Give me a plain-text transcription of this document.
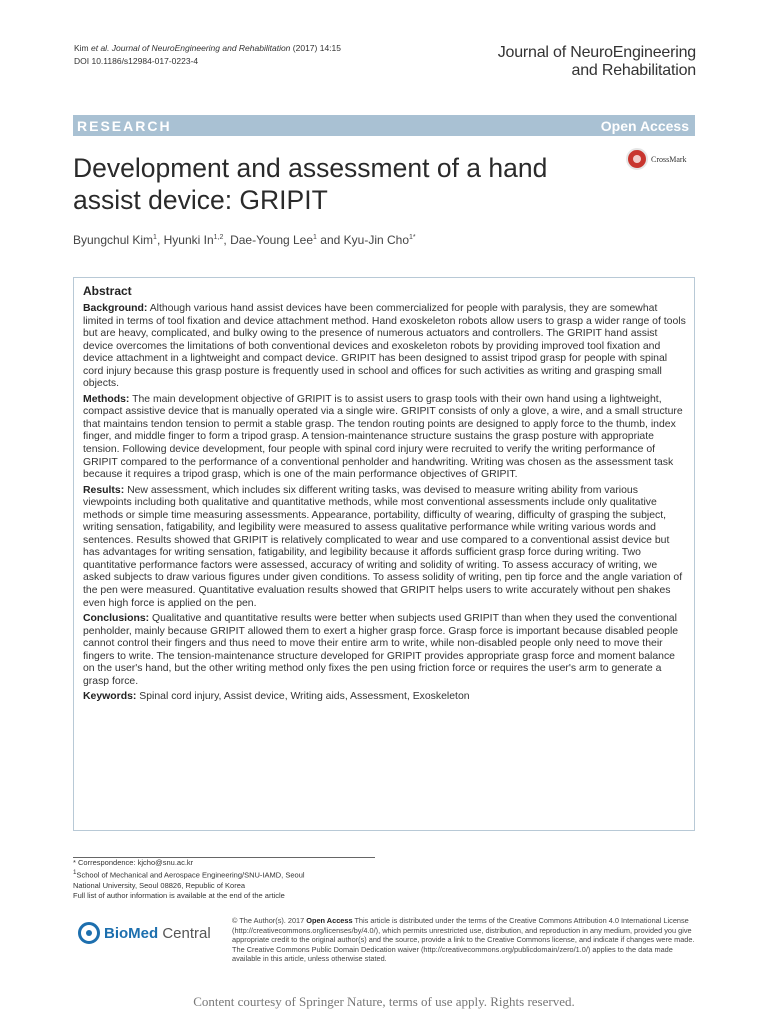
Kim et al. Journal of NeuroEngineering and Rehabilitation (2017) 14:15
DOI 10.1186/s12984-017-0223-4	Journal of NeuroEngineering
and Rehabilitation
RESEARCH	Open Access
Development and assessment of a hand assist device: GRIPIT
CrossMark
Byungchul Kim$^1$, Hyunki In$^{1,2}$, Dae-Young Lee$^1$ and Kyu-Jin Cho$^{1*}$

Abstract

Background: Although various hand assist devices have been commercialized for people with paralysis, they are somewhat limited in terms of tool fixation and device attachment method. Hand exoskeleton robots allow users to grasp a wider range of tools but are heavy, complicated, and bulky owing to the presence of numerous actuators and controllers. The GRIPIT hand assist device overcomes the limitations of both conventional devices and exoskeleton robots by providing improved tool fixation and device attachment in a lightweight and compact device. GRIPIT has been designed to assist tripod grasp for people with spinal cord injury because this grasp posture is frequently used in school and offices for such activities as writing and grasping small objects.

Methods: The main development objective of GRIPIT is to assist users to grasp tools with their own hand using a lightweight, compact assistive device that is manually operated via a single wire. GRIPIT consists of only a glove, a wire, and a small structure that maintains tendon tension to permit a stable grasp. The tendon routing points are designed to apply force to the thumb, index finger, and middle finger to form a tripod grasp. A tension-maintenance structure sustains the grasp posture with appropriate tension. Following device development, four people with spinal cord injury were recruited to verify the writing performance of GRIPIT compared to the performance of a conventional penholder and handwriting. Writing was chosen as the assessment task because it requires a tripod grasp, which is one of the main performance objectives of GRIPIT.

Results: New assessment, which includes six different writing tasks, was devised to measure writing ability from various viewpoints including both qualitative and quantitative methods, while most conventional assessments include only qualitative methods or simple time measuring assessments. Appearance, portability, difficulty of wearing, difficulty of grasping the subject, writing sensation, fatigability, and legibility were measured to assess qualitative performance while writing various words and sentences. Results showed that GRIPIT is relatively complicated to wear and use compared to a conventional assist device but has advantages for writing sensation, fatigability, and legibility because it affords sufficient grasp force during writing. Two quantitative performance factors were assessed, accuracy of writing and solidity of writing. To assess accuracy of writing, we asked subjects to draw various figures under given conditions. To assess solidity of writing, pen tip force and the angle variation of the pen were measured. Quantitative evaluation results showed that GRIPIT helps users to write accurately without pen shakes even high force is applied on the pen.

Conclusions: Qualitative and quantitative results were better when subjects used GRIPIT than when they used the conventional penholder, mainly because GRIPIT allowed them to exert a higher grasp force. Grasp force is important because disabled people cannot control their fingers and thus need to move their entire arm to write, while non-disabled people only need to move their fingers to write. The tension-maintenance structure developed for GRIPIT provides appropriate grasp force and moment balance on the user's hand, but the other writing method only fixes the pen using friction force or requires the user's arm to generate a grasp force.

Keywords: Spinal cord injury, Assist device, Writing aids, Assessment, Exoskeleton

* Correspondence: kjcho@snu.ac.kr
$^1$School of Mechanical and Aerospace Engineering/SNU-IAMD, Seoul
National University, Seoul 08826, Republic of Korea
Full list of author information is available at the end of the article
BioMed Central
© The Author(s). 2017 Open Access This article is distributed under the terms of the Creative Commons Attribution 4.0 International License (http://creativecommons.org/licenses/by/4.0/), which permits unrestricted use, distribution, and reproduction in any medium, provided you give appropriate credit to the original author(s) and the source, provide a link to the Creative Commons license, and indicate if changes were made. The Creative Commons Public Domain Dedication waiver (http://creativecommons.org/publicdomain/zero/1.0/) applies to the data made available in this article, unless otherwise stated.
Content courtesy of Springer Nature, terms of use apply. Rights reserved.
